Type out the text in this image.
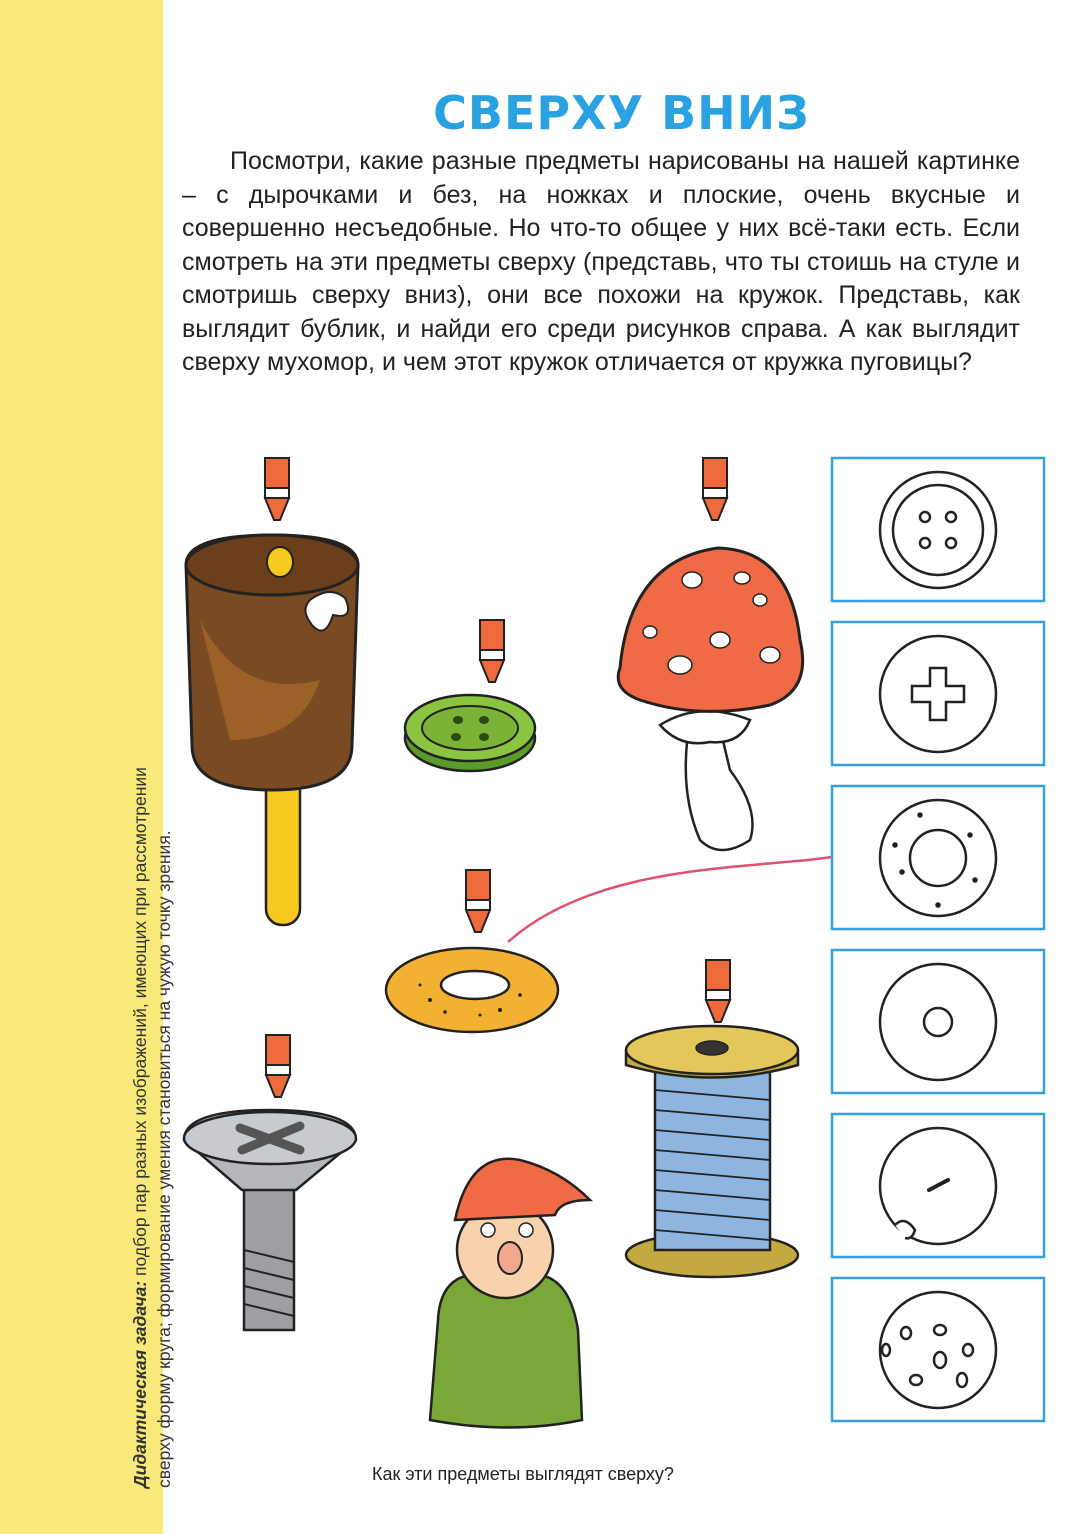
Дидактическая задача: подбор пар разных изображений, имеющих при рассмотрении сверху форму круга; формирование умения становиться на чужую точку зрения.
СВЕРХУ ВНИЗ
Посмотри, какие разные предметы нарисованы на нашей картинке – с дырочками и без, на ножках и плоские, очень вкусные и совершенно несъедобные. Но что-то общее у них всё-таки есть. Если смотреть на эти предметы сверху (представь, что ты стоишь на стуле и смотришь сверху вниз), они все похожи на кружок. Представь, как выглядит бублик, и найди его среди рисунков справа. А как выглядит сверху мухомор, и чем этот кружок отличается от кружка пуговицы?
Как эти предметы выглядят сверху?
